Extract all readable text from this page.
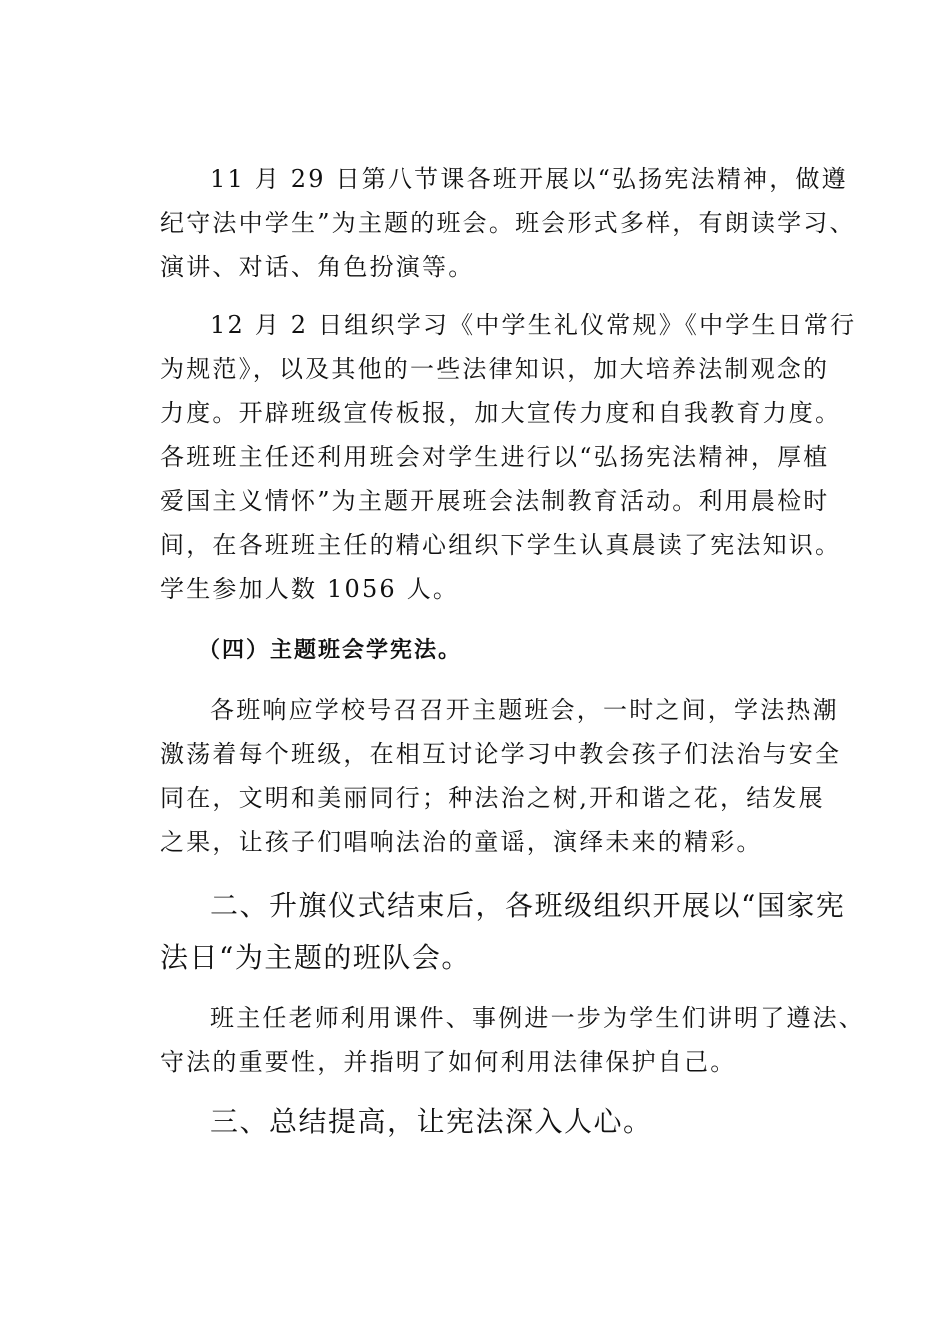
11 月 29 日第八节课各班开展以“弘扬宪法精神，做遵
纪守法中学生”为主题的班会。班会形式多样，有朗读学习、
演讲、对话、角色扮演等。
12 月 2 日组织学习《中学生礼仪常规》《中学生日常行
为规范》，以及其他的一些法律知识，加大培养法制观念的
力度。开辟班级宣传板报，加大宣传力度和自我教育力度。
各班班主任还利用班会对学生进行以“弘扬宪法精神，厚植
爱国主义情怀”为主题开展班会法制教育活动。利用晨检时
间，在各班班主任的精心组织下学生认真晨读了宪法知识。
学生参加人数 1056 人。
（四）主题班会学宪法。
各班响应学校号召召开主题班会，一时之间，学法热潮
激荡着每个班级，在相互讨论学习中教会孩子们法治与安全
同在，文明和美丽同行；种法治之树,开和谐之花，结发展
之果，让孩子们唱响法治的童谣，演绎未来的精彩。
二、升旗仪式结束后，各班级组织开展以“国家宪
法日“为主题的班队会。
班主任老师利用课件、事例进一步为学生们讲明了遵法、
守法的重要性，并指明了如何利用法律保护自己。
三、总结提高，让宪法深入人心。
